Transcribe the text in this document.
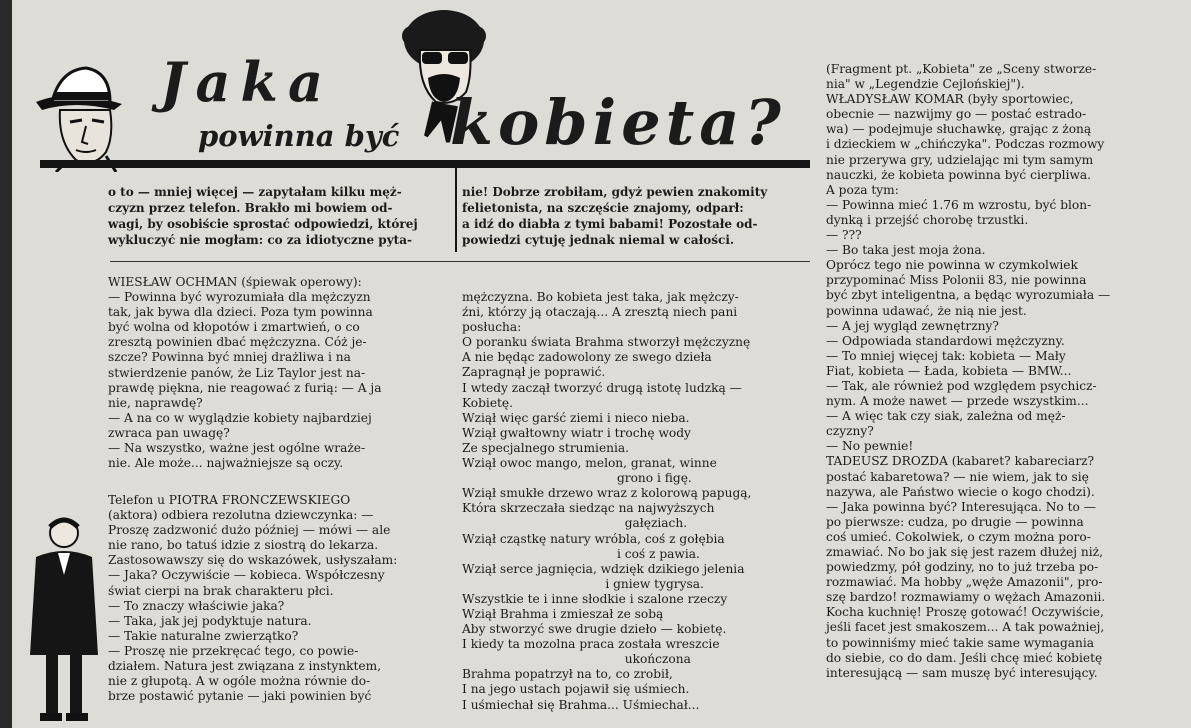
Jaka
powinna być kobieta?

o to — mniej więcej — zapytałam kilku męż-
czyzn przez telefon. Brakło mi bowiem od-
wagi, by osobiście sprostać odpowiedzi, której
wykluczyć nie mogłam: co za idiotyczne pyta-

nie! Dobrze zrobiłam, gdyż pewien znakomity
felietonista, na szczęście znajomy, odparł:
a idź do diabła z tymi babami! Pozostałe od-
powiedzi cytuję jednak niemal w całości.

WIESŁAW OCHMAN (śpiewak operowy):
— Powinna być wyrozumiała dla mężczyzn
tak, jak bywa dla dzieci. Poza tym powinna
być wolna od kłopotów i zmartwień, o co
zresztą powinien dbać mężczyzna. Cóż je-
szcze? Powinna być mniej drażliwa i na
stwierdzenie panów, że Liz Taylor jest na-
prawdę piękna, nie reagować z furią: — A ja
nie, naprawdę?
— A na co w wyglądzie kobiety najbardziej
zwraca pan uwagę?
— Na wszystko, ważne jest ogólne wraże-
nie. Ale może... najważniejsze są oczy.

Telefon u PIOTRA FRONCZEWSKIEGO
(aktora) odbiera rezolutna dziewczynka: —
Proszę zadzwonić dużo później — mówi — ale
nie rano, bo tatuś idzie z siostrą do lekarza.
Zastosowawszy się do wskazówek, usłyszałam:
— Jaka? Oczywiście — kobieca. Współczesny
świat cierpi na brak charakteru płci.
— To znaczy właściwie jaka?
— Taka, jak jej podyktuje natura.
— Takie naturalne zwierzątko?
— Proszę nie przekręcać tego, co powie-
działem. Natura jest związana z instynktem,
nie z głupotą. A w ogóle można równie do-
brze postawić pytanie — jaki powinien być

mężczyzna. Bo kobieta jest taka, jak mężczy-
źni, którzy ją otaczają... A zresztą niech pani
posłucha:
O poranku świata Brahma stworzył mężczyznę
A nie będąc zadowolony ze swego dzieła
Zapragnął je poprawić.
I wtedy zaczął tworzyć drugą istotę ludzką —
Kobietę.
Wziął więc garść ziemi i nieco nieba.
Wziął gwałtowny wiatr i trochę wody
Ze specjalnego strumienia.
Wziął owoc mango, melon, granat, winne
grono i figę.
Wziął smukłe drzewo wraz z kolorową papugą,
Która skrzeczała siedząc na najwyższych
gałęziach.
Wziął cząstkę natury wróbla, coś z gołębia
i coś z pawia.
Wziął serce jagnięcia, wdzięk dzikiego jelenia
i gniew tygrysa.
Wszystkie te i inne słodkie i szalone rzeczy
Wziął Brahma i zmieszał ze sobą
Aby stworzyć swe drugie dzieło — kobietę.
I kiedy ta mozolna praca została wreszcie
ukończona
Brahma popatrzył na to, co zrobił,
I na jego ustach pojawił się uśmiech.
I uśmiechał się Brahma... Uśmiechał...

(Fragment pt. „Kobieta" ze „Sceny stworze-
nia" w „Legendzie Cejlońskiej").
WŁADYSŁAW KOMAR (były sportowiec,
obecnie — nazwijmy go — postać estrado-
wa) — podejmuje słuchawkę, grając z żoną
i dzieckiem w „chińczyka". Podczas rozmowy
nie przerywa gry, udzielając mi tym samym
nauczki, że kobieta powinna być cierpliwa.
A poza tym:
— Powinna mieć 1.76 m wzrostu, być blon-
dynką i przejść chorobę trzustki.
— ???
— Bo taka jest moja żona.
Oprócz tego nie powinna w czymkolwiek
przypominać Miss Polonii 83, nie powinna
być zbyt inteligentna, a będąc wyrozumiała —
powinna udawać, że nią nie jest.
— A jej wygląd zewnętrzny?
— Odpowiada standardowi mężczyzny.
— To mniej więcej tak: kobieta — Mały
Fiat, kobieta — Łada, kobieta — BMW...
— Tak, ale również pod względem psychicz-
nym. A może nawet — przede wszystkim...
— A więc tak czy siak, zależna od męż-
czyzny?
— No pewnie!
TADEUSZ DROZDA (kabaret? kabareciarz?
postać kabaretowa? — nie wiem, jak to się
nazywa, ale Państwo wiecie o kogo chodzi).
— Jaka powinna być? Interesująca. No to —
po pierwsze: cudza, po drugie — powinna
coś umieć. Cokolwiek, o czym można poro-
zmawiać. No bo jak się jest razem dłużej niż,
powiedzmy, pół godziny, no to już trzeba po-
rozmawiać. Ma hobby „węże Amazonii", pro-
szę bardzo! rozmawiamy o wężach Amazonii.
Kocha kuchnię! Proszę gotować! Oczywiście,
jeśli facet jest smakoszem... A tak poważniej,
to powinniśmy mieć takie same wymagania
do siebie, co do dam. Jeśli chcę mieć kobietę
interesującą — sam muszę być interesujący.
